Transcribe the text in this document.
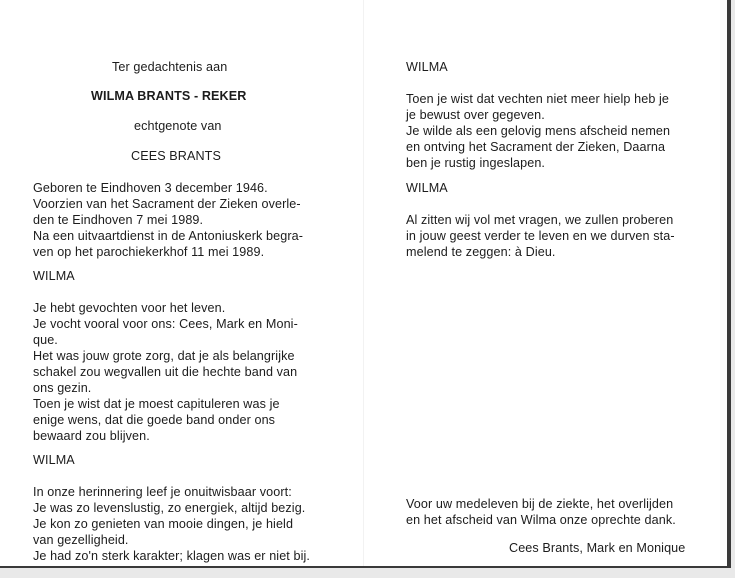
Ter gedachtenis aan
WILMA BRANTS - REKER
echtgenote van
CEES BRANTS
Geboren te Eindhoven 3 december 1946.
Voorzien van het Sacrament der Zieken overle-
den te Eindhoven 7 mei 1989.
Na een uitvaartdienst in de Antoniuskerk begra-
ven op het parochiekerkhof 11 mei 1989.
WILMA
Je hebt gevochten voor het leven.
Je vocht vooral voor ons: Cees, Mark en Moni-
que.
Het was jouw grote zorg, dat je als belangrijke
schakel zou wegvallen uit die hechte band van
ons gezin.
Toen je wist dat je moest capituleren was je
enige wens, dat die goede band onder ons
bewaard zou blijven.
WILMA
In onze herinnering leef je onuitwisbaar voort:
Je was zo levenslustig, zo energiek, altijd bezig.
Je kon zo genieten van mooie dingen, je hield
van gezelligheid.
Je had zo'n sterk karakter; klagen was er niet bij.
WILMA
Toen je wist dat vechten niet meer hielp heb je
je bewust over gegeven.
Je wilde als een gelovig mens afscheid nemen
en ontving het Sacrament der Zieken, Daarna
ben je rustig ingeslapen.
WILMA
Al zitten wij vol met vragen, we zullen proberen
in jouw geest verder te leven en we durven sta-
melend te zeggen: à Dieu.
Voor uw medeleven bij de ziekte, het overlijden
en het afscheid van Wilma onze oprechte dank.
Cees Brants, Mark en Monique
